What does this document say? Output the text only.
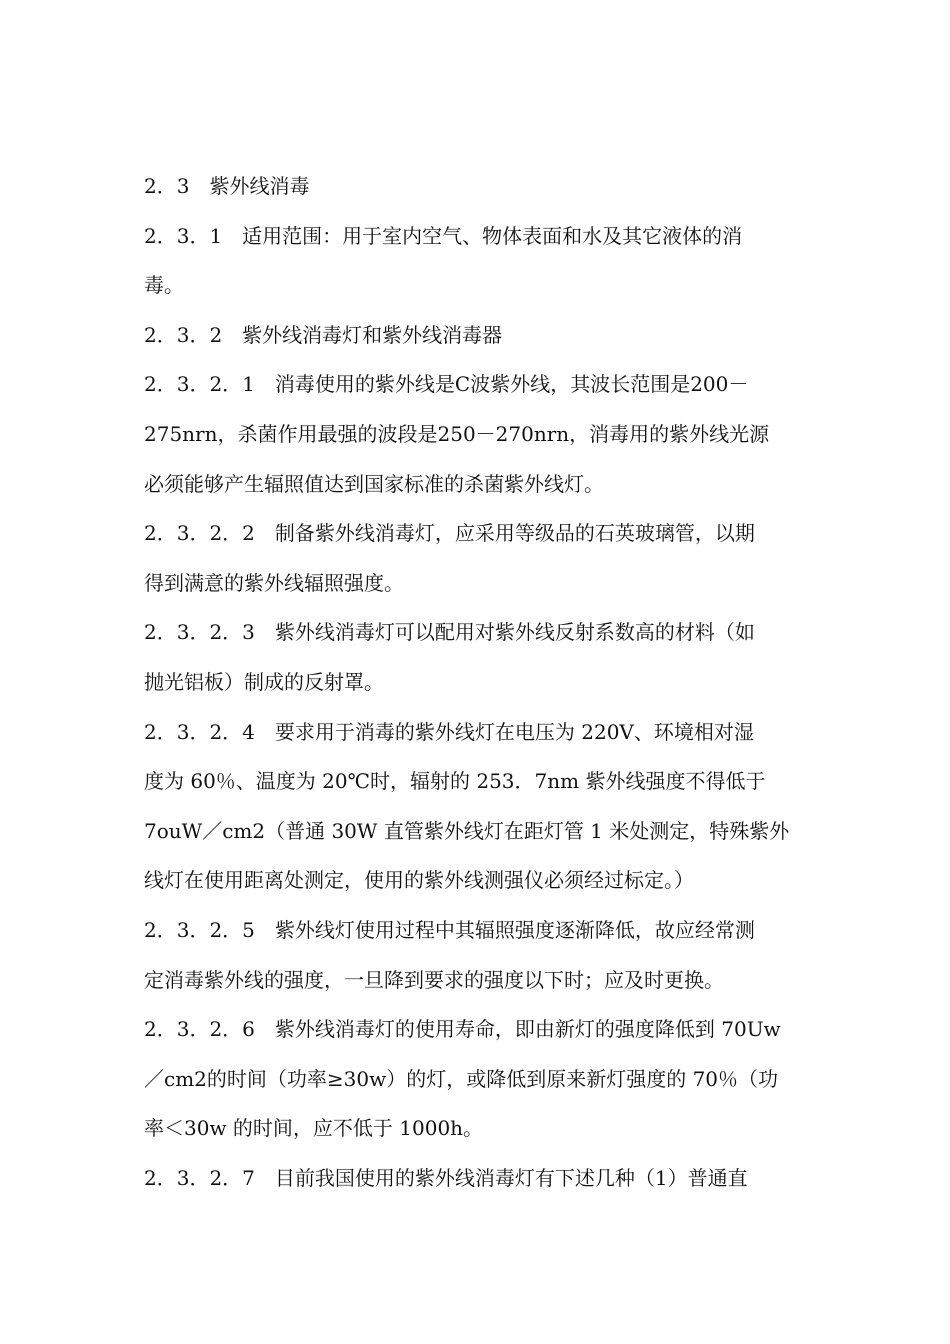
2．3　紫外线消毒
2．3．1　适用范围：用于室内空气、物体表面和水及其它液体的消
毒。
2．3．2　紫外线消毒灯和紫外线消毒器
2．3．2．1　消毒使用的紫外线是C波紫外线，其波长范围是200－
275nrn，杀菌作用最强的波段是250－270nrn，消毒用的紫外线光源
必须能够产生辐照值达到国家标准的杀菌紫外线灯。
2．3．2．2　制备紫外线消毒灯，应采用等级品的石英玻璃管，以期
得到满意的紫外线辐照强度。
2．3．2．3　紫外线消毒灯可以配用对紫外线反射系数高的材料（如
抛光铝板）制成的反射罩。
2．3．2．4　要求用于消毒的紫外线灯在电压为 220V、环境相对湿
度为 60％、温度为 20℃时，辐射的 253．7nm 紫外线强度不得低于
7ouW／cm2（普通 30W 直管紫外线灯在距灯管 1 米处测定，特殊紫外
线灯在使用距离处测定，使用的紫外线测强仪必须经过标定。）
2．3．2．5　紫外线灯使用过程中其辐照强度逐渐降低，故应经常测
定消毒紫外线的强度，一旦降到要求的强度以下时；应及时更换。
2．3．2．6　紫外线消毒灯的使用寿命，即由新灯的强度降低到 70Uw
／cm2的时间（功率≥30w）的灯，或降低到原来新灯强度的 70％（功
率＜30w 的时间，应不低于 1000h。
2．3．2．7　目前我国使用的紫外线消毒灯有下述几种（1）普通直
